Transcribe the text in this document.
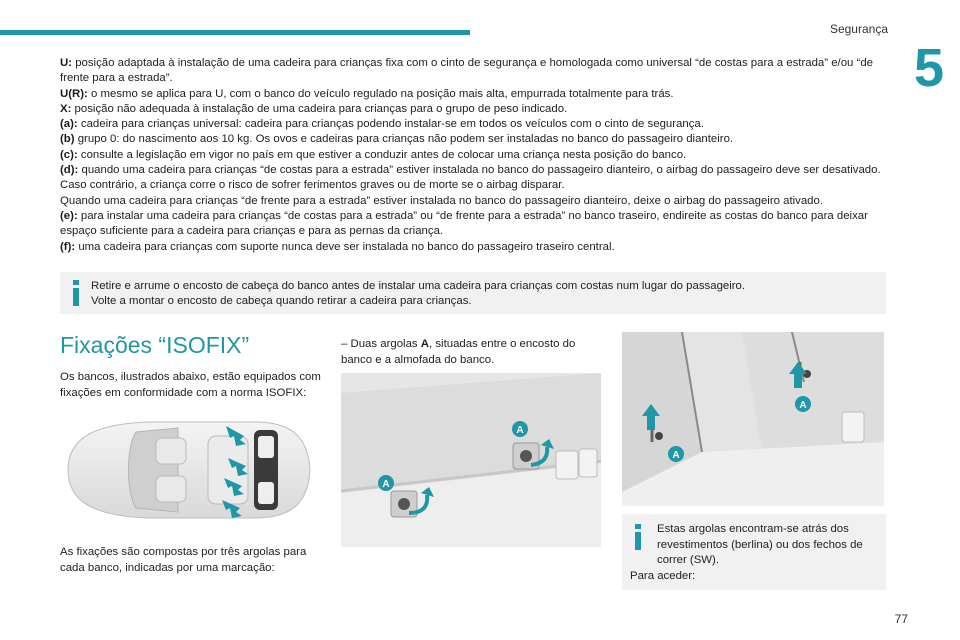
Segurança
5

U: posição adaptada à instalação de uma cadeira para crianças fixa com o cinto de segurança e homologada como universal “de costas para a estrada” e/ou “de frente para a estrada”.

U(R): o mesmo se aplica para U, com o banco do veículo regulado na posição mais alta, empurrada totalmente para trás.

X: posição não adequada à instalação de uma cadeira para crianças para o grupo de peso indicado.

(a): cadeira para crianças universal: cadeira para crianças podendo instalar-se em todos os veículos com o cinto de segurança.

(b) grupo 0: do nascimento aos 10 kg. Os ovos e cadeiras para crianças não podem ser instaladas no banco do passageiro dianteiro.

(c): consulte a legislação em vigor no país em que estiver a conduzir antes de colocar uma criança nesta posição do banco.

(d): quando uma cadeira para crianças “de costas para a estrada” estiver instalada no banco do passageiro dianteiro, o airbag do passageiro deve ser desativado.

Caso contrário, a criança corre o risco de sofrer ferimentos graves ou de morte se o airbag disparar.

Quando uma cadeira para crianças “de frente para a estrada” estiver instalada no banco do passageiro dianteiro, deixe o airbag do passageiro ativado.

(e): para instalar uma cadeira para crianças “de costas para a estrada” ou “de frente para a estrada” no banco traseiro, endireite as costas do banco para deixar espaço suficiente para a cadeira para crianças e para as pernas da criança.

(f): uma cadeira para crianças com suporte nunca deve ser instalada no banco do passageiro traseiro central.

Retire e arrume o encosto de cabeça do banco antes de instalar uma cadeira para crianças com costas num lugar do passageiro.

Volte a montar o encosto de cabeça quando retirar a cadeira para crianças.

Fixações “ISOFIX”

Os bancos, ilustrados abaixo, estão equipados com fixações em conformidade com a norma ISOFIX:

As fixações são compostas por três argolas para cada banco, indicadas por uma marcação:

– Duas argolas A, situadas entre o encosto do banco e a almofada do banco.

A
A
A
A

Estas argolas encontram-se atrás dos revestimentos (berlina) ou dos fechos de correr (SW).

Para aceder:

77
